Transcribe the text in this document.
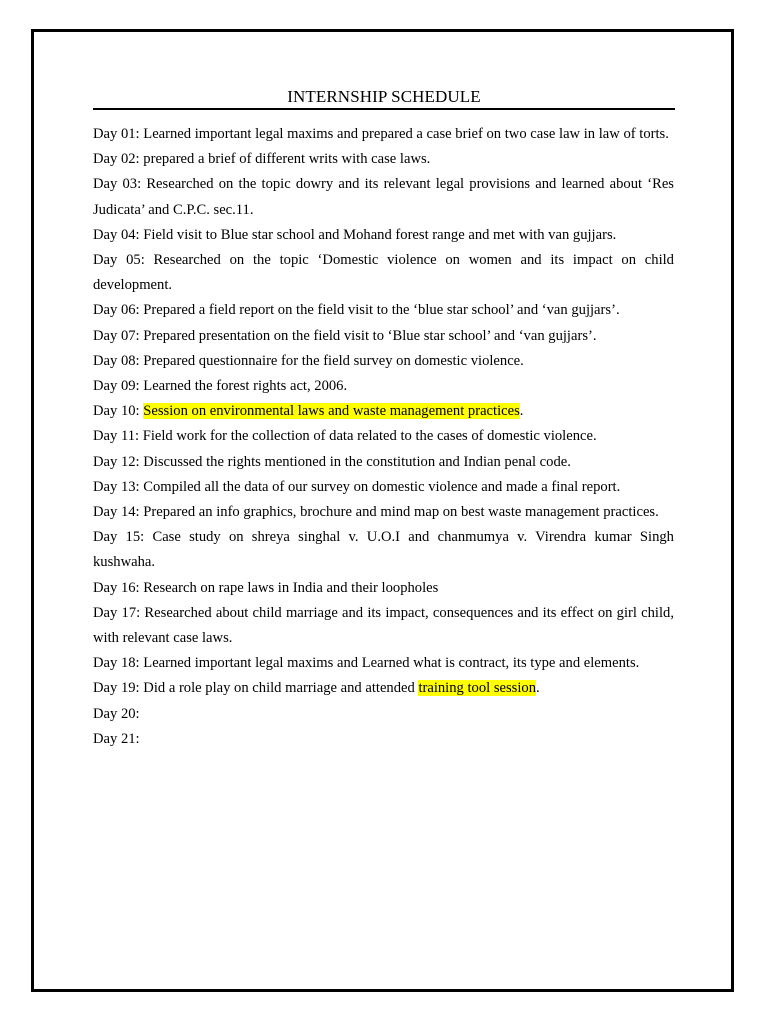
INTERNSHIP SCHEDULE

Day 01: Learned important legal maxims and prepared a case brief on two case law in law of torts.

Day 02: prepared a brief of different writs with case laws.

Day 03: Researched on the topic dowry and its relevant legal provisions and learned about ‘Res Judicata’ and C.P.C. sec.11.

Day 04: Field visit to Blue star school and Mohand forest range and met with van gujjars.

Day 05: Researched on the topic ‘Domestic violence on women and its impact on child development.

Day 06: Prepared a field report on the field visit to the ‘blue star school’ and ‘van gujjars’.

Day 07: Prepared presentation on the field visit to ‘Blue star school’ and ‘van gujjars’.

Day 08: Prepared questionnaire for the field survey on domestic violence.

Day 09: Learned the forest rights act, 2006.

Day 10: Session on environmental laws and waste management practices.

Day 11: Field work for the collection of data related to the cases of domestic violence.

Day 12: Discussed the rights mentioned in the constitution and Indian penal code.

Day 13: Compiled all the data of our survey on domestic violence and made a final report.

Day 14: Prepared an info graphics, brochure and mind map on best waste management practices.

Day 15: Case study on shreya singhal v. U.O.I and chanmumya v. Virendra kumar Singh kushwaha.

Day 16: Research on rape laws in India and their loopholes

Day 17: Researched about child marriage and its impact, consequences and its effect on girl child, with relevant case laws.

Day 18: Learned important legal maxims and Learned what is contract, its type and elements.

Day 19: Did a role play on child marriage and attended training tool session.

Day 20:

Day 21:
